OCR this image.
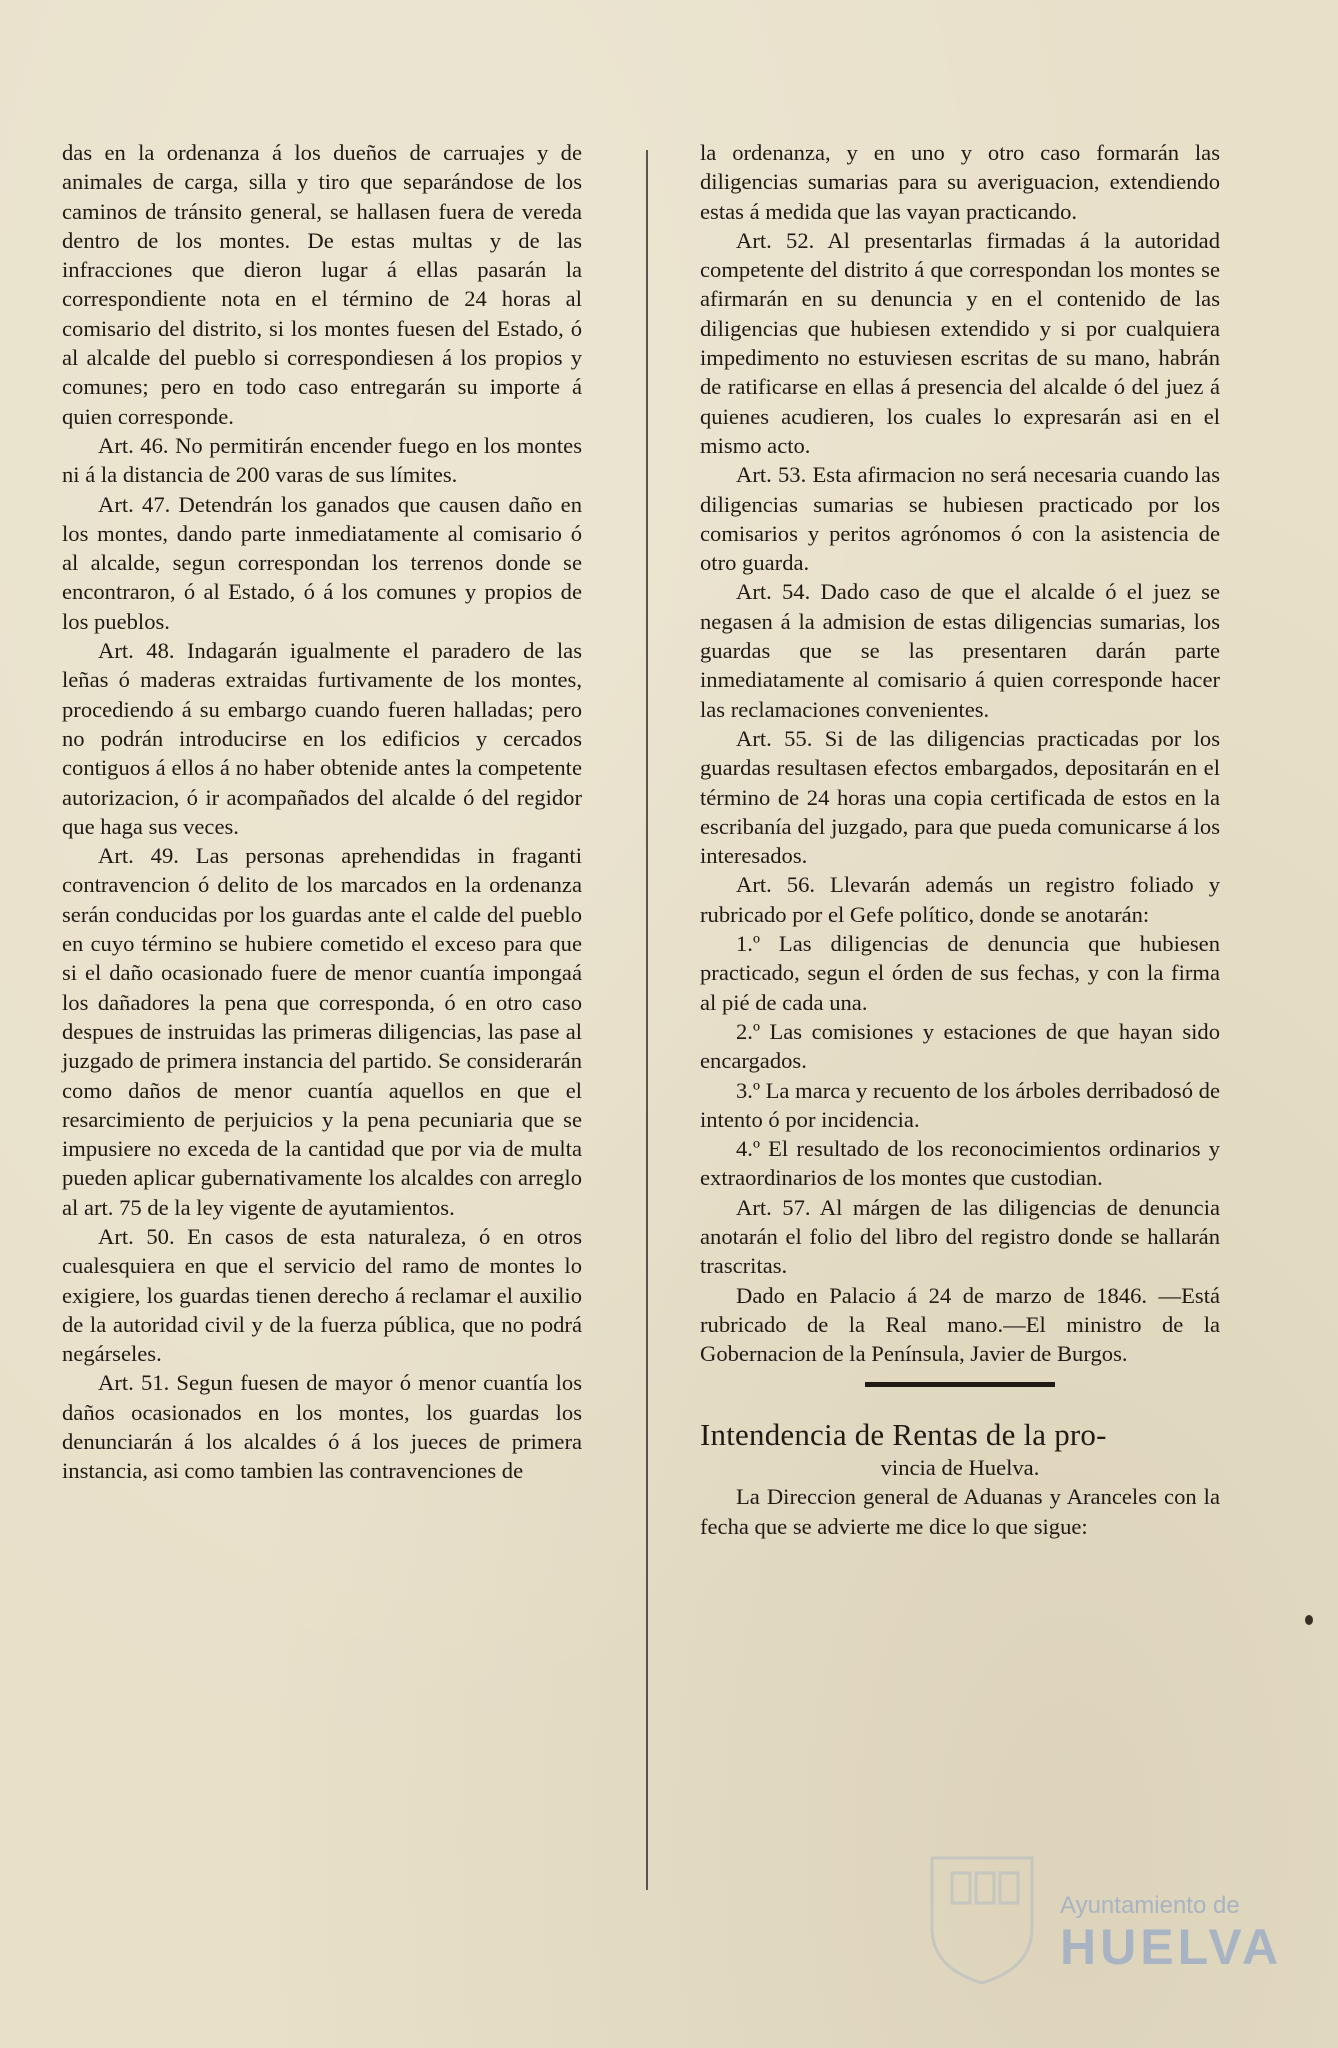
das en la ordenanza á los dueños de carruajes y de animales de carga, silla y tiro que separándose de los caminos de tránsito general, se hallasen fuera de vereda dentro de los montes. De estas multas y de las infracciones que dieron lugar á ellas pasarán la correspondiente nota en el término de 24 horas al comisario del distrito, si los montes fuesen del Estado, ó al alcalde del pueblo si correspondiesen á los propios y comunes; pero en todo caso entregarán su importe á quien corresponde.

Art. 46. No permitirán encender fuego en los montes ni á la distancia de 200 varas de sus límites.

Art. 47. Detendrán los ganados que causen daño en los montes, dando parte inmediatamente al comisario ó al alcalde, segun correspondan los terrenos donde se encontraron, ó al Estado, ó á los comunes y propios de los pueblos.

Art. 48. Indagarán igualmente el paradero de las leñas ó maderas extraidas furtivamente de los montes, procediendo á su embargo cuando fueren halladas; pero no podrán introducirse en los edificios y cercados contiguos á ellos á no haber obtenide antes la competente autorizacion, ó ir acompañados del alcalde ó del regidor que haga sus veces.

Art. 49. Las personas aprehendidas in fraganti contravencion ó delito de los marcados en la ordenanza serán conducidas por los guardas ante el calde del pueblo en cuyo término se hubiere cometido el exceso para que si el daño ocasionado fuere de menor cuantía impongaá los dañadores la pena que corresponda, ó en otro caso despues de instruidas las primeras diligencias, las pase al juzgado de primera instancia del partido. Se considerarán como daños de menor cuantía aquellos en que el resarcimiento de perjuicios y la pena pecuniaria que se impusiere no exceda de la cantidad que por via de multa pueden aplicar gubernativamente los alcaldes con arreglo al art. 75 de la ley vigente de ayutamientos.

Art. 50. En casos de esta naturaleza, ó en otros cualesquiera en que el servicio del ramo de montes lo exigiere, los guardas tienen derecho á reclamar el auxilio de la autoridad civil y de la fuerza pública, que no podrá negárseles.

Art. 51. Segun fuesen de mayor ó menor cuantía los daños ocasionados en los montes, los guardas los denunciarán á los alcaldes ó á los jueces de primera instancia, asi como tambien las contravenciones de

la ordenanza, y en uno y otro caso formarán las diligencias sumarias para su averiguacion, extendiendo estas á medida que las vayan practicando.

Art. 52. Al presentarlas firmadas á la autoridad competente del distrito á que correspondan los montes se afirmarán en su denuncia y en el contenido de las diligencias que hubiesen extendido y si por cualquiera impedimento no estuviesen escritas de su mano, habrán de ratificarse en ellas á presencia del alcalde ó del juez á quienes acudieren, los cuales lo expresarán asi en el mismo acto.

Art. 53. Esta afirmacion no será necesaria cuando las diligencias sumarias se hubiesen practicado por los comisarios y peritos agrónomos ó con la asistencia de otro guarda.

Art. 54. Dado caso de que el alcalde ó el juez se negasen á la admision de estas diligencias sumarias, los guardas que se las presentaren darán parte inmediatamente al comisario á quien corresponde hacer las reclamaciones convenientes.

Art. 55. Si de las diligencias practicadas por los guardas resultasen efectos embargados, depositarán en el término de 24 horas una copia certificada de estos en la escribanía del juzgado, para que pueda comunicarse á los interesados.

Art. 56. Llevarán además un registro foliado y rubricado por el Gefe político, donde se anotarán:

1.º Las diligencias de denuncia que hubiesen practicado, segun el órden de sus fechas, y con la firma al pié de cada una.

2.º Las comisiones y estaciones de que hayan sido encargados.

3.º La marca y recuento de los árboles derribadosó de intento ó por incidencia.

4.º El resultado de los reconocimientos ordinarios y extraordinarios de los montes que custodian.

Art. 57. Al márgen de las diligencias de denuncia anotarán el folio del libro del registro donde se hallarán trascritas.

Dado en Palacio á 24 de marzo de 1846. —Está rubricado de la Real mano.—El ministro de la Gobernacion de la Península, Javier de Burgos.

Intendencia de Rentas de la pro-

vincia de Huelva.

La Direccion general de Aduanas y Aranceles con la fecha que se advierte me dice lo que sigue:

Ayuntamiento de
HUELVA
